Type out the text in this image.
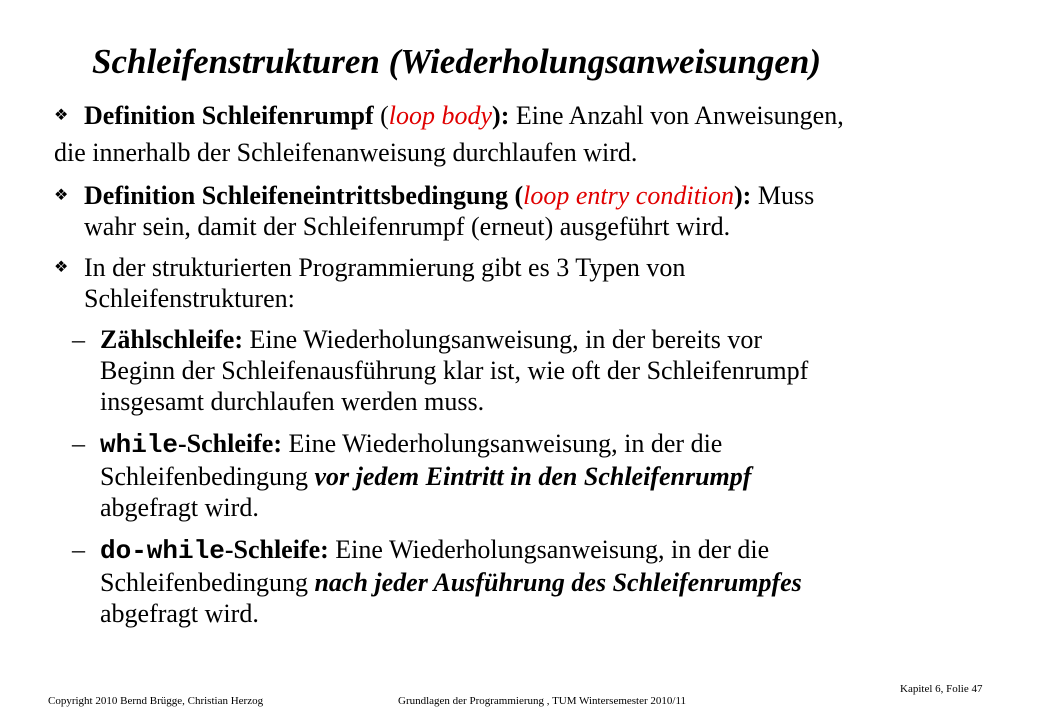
Schleifenstrukturen (Wiederholungsanweisungen)
❖ Definition Schleifenrumpf (loop body): Eine Anzahl von Anweisungen,
die innerhalb der Schleifenanweisung durchlaufen wird.
❖ Definition Schleifeneintrittsbedingung (loop entry condition): Muss
wahr sein, damit der Schleifenrumpf (erneut) ausgeführt wird.
❖ In der strukturierten Programmierung gibt es 3 Typen von
Schleifenstrukturen:
– Zählschleife: Eine Wiederholungsanweisung, in der bereits vor
Beginn der Schleifenausführung klar ist, wie oft der Schleifenrumpf
insgesamt durchlaufen werden muss.
– while-Schleife: Eine Wiederholungsanweisung, in der die
Schleifenbedingung vor jedem Eintritt in den Schleifenrumpf
abgefragt wird.
– do-while-Schleife: Eine Wiederholungsanweisung, in der die
Schleifenbedingung nach jeder Ausführung des Schleifenrumpfes
abgefragt wird.
Copyright 2010 Bernd Brügge, Christian Herzog	Grundlagen der Programmierung , TUM Wintersemester 2010/11
Kapitel 6, Folie 47
